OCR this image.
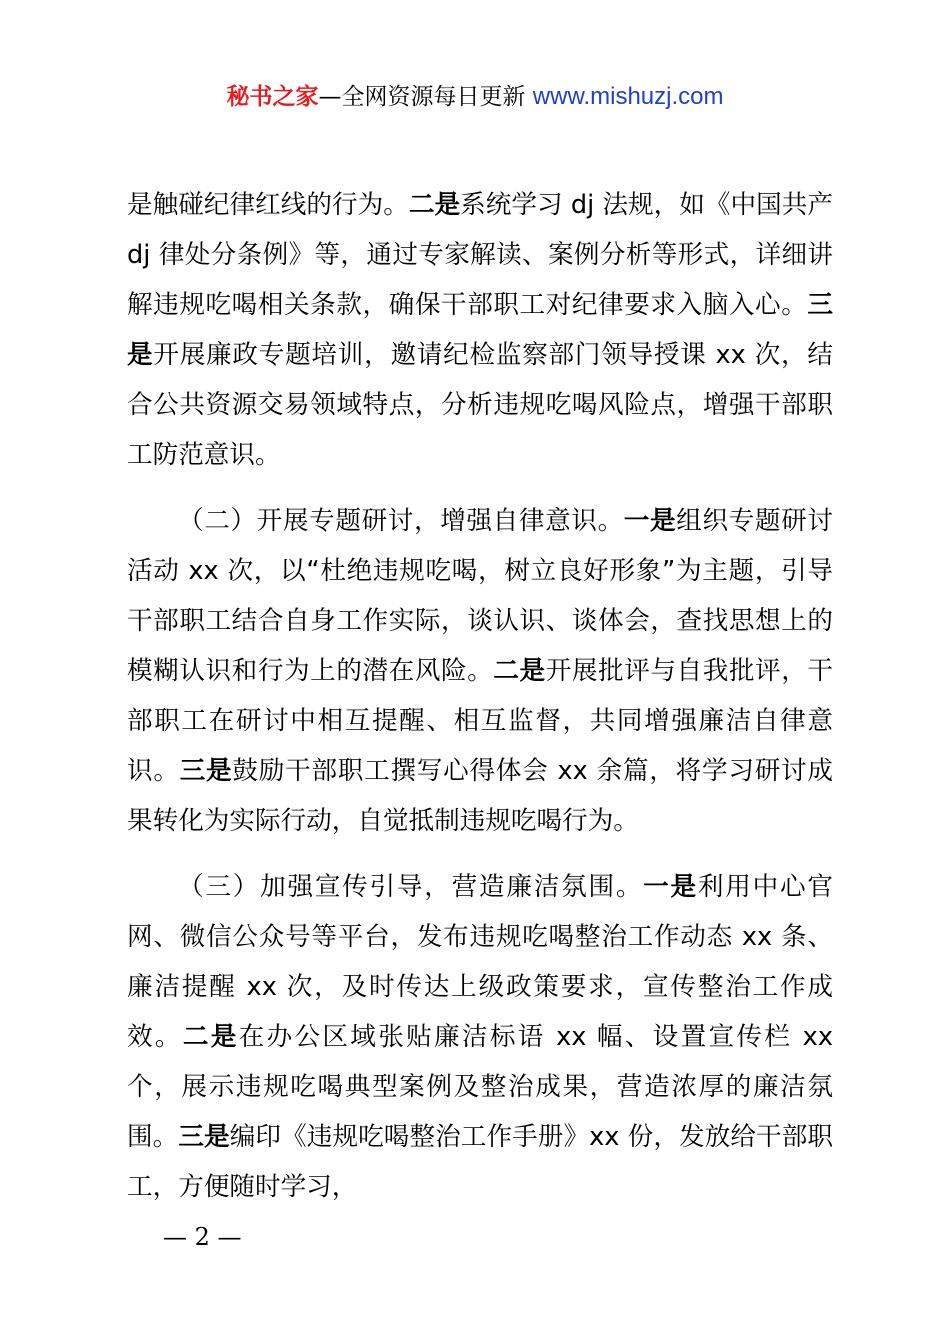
秘书之家—全网资源每日更新 www.mishuzj.com

是触碰纪律红线的行为。二是系统学习 dj 法规，如《中国共产 dj 律处分条例》等，通过专家解读、案例分析等形式，详细讲解违规吃喝相关条款，确保干部职工对纪律要求入脑入心。三是开展廉政专题培训，邀请纪检监察部门领导授课 xx 次，结合公共资源交易领域特点，分析违规吃喝风险点，增强干部职工防范意识。

（二）开展专题研讨，增强自律意识。一是组织专题研讨活动 xx 次，以“杜绝违规吃喝，树立良好形象”为主题，引导干部职工结合自身工作实际，谈认识、谈体会，查找思想上的模糊认识和行为上的潜在风险。二是开展批评与自我批评，干部职工在研讨中相互提醒、相互监督，共同增强廉洁自律意识。三是鼓励干部职工撰写心得体会 xx 余篇，将学习研讨成果转化为实际行动，自觉抵制违规吃喝行为。

（三）加强宣传引导，营造廉洁氛围。一是利用中心官网、微信公众号等平台，发布违规吃喝整治工作动态 xx 条、廉洁提醒 xx 次，及时传达上级政策要求，宣传整治工作成效。二是在办公区域张贴廉洁标语 xx 幅、设置宣传栏 xx 个，展示违规吃喝典型案例及整治成果，营造浓厚的廉洁氛围。三是编印《违规吃喝整治工作手册》xx 份，发放给干部职工，方便随时学习，

— 2 —
